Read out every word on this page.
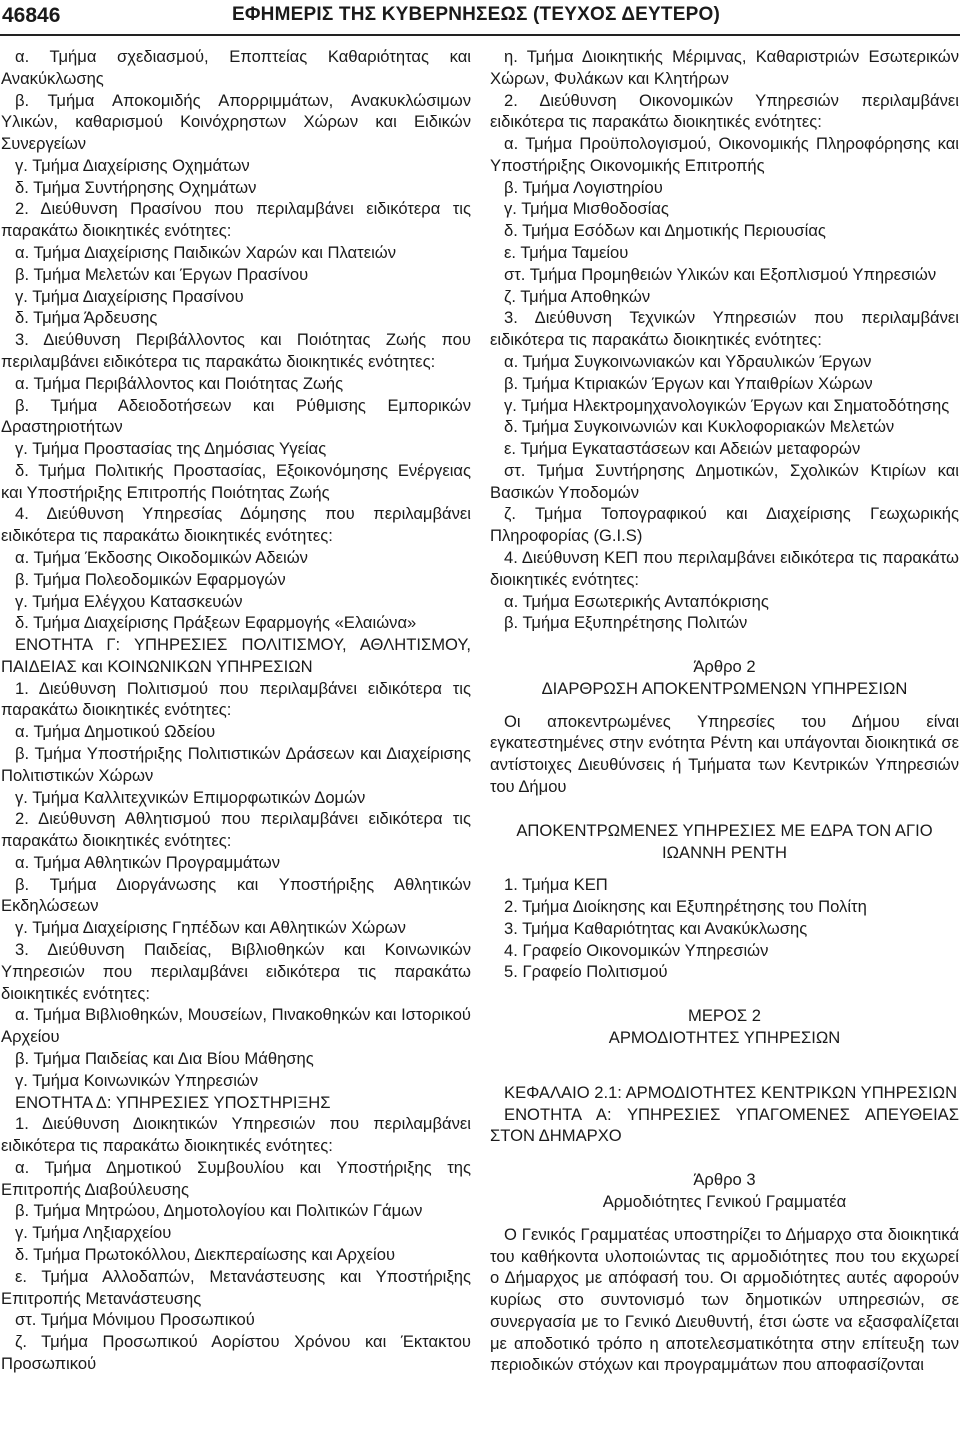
46846	ΕΦΗΜΕΡΙΣ ΤΗΣ ΚΥΒΕΡΝΗΣΕΩΣ (ΤΕΥΧΟΣ ΔΕΥΤΕΡΟ)

α. Τμήμα σχεδιασμού, Εποπτείας Καθαριότητας και Ανακύκλωσης

β. Τμήμα Αποκομιδής Απορριμμάτων, Ανακυκλώσιμων Υλικών, καθαρισμού Κοινόχρηστων Χώρων και Ειδικών Συνεργείων

γ. Τμήμα Διαχείρισης Οχημάτων

δ. Τμήμα Συντήρησης Οχημάτων

2. Διεύθυνση Πρασίνου που περιλαμβάνει ειδικότερα τις παρακάτω διοικητικές ενότητες:

α. Τμήμα Διαχείρισης Παιδικών Χαρών και Πλατειών

β. Τμήμα Μελετών και Έργων Πρασίνου

γ. Τμήμα Διαχείρισης Πρασίνου

δ. Τμήμα Άρδευσης

3. Διεύθυνση Περιβάλλοντος και Ποιότητας Ζωής που περιλαμβάνει ειδικότερα τις παρακάτω διοικητικές ενότητες:

α. Τμήμα Περιβάλλοντος και Ποιότητας Ζωής

β. Τμήμα Αδειοδοτήσεων και Ρύθμισης Εμπορικών Δραστηριοτήτων

γ. Τμήμα Προστασίας της Δημόσιας Υγείας

δ. Τμήμα Πολιτικής Προστασίας, Εξοικονόμησης Ενέργειας και Υποστήριξης Επιτροπής Ποιότητας Ζωής

4. Διεύθυνση Υπηρεσίας Δόμησης που περιλαμβάνει ειδικότερα τις παρακάτω διοικητικές ενότητες:

α. Τμήμα Έκδοσης Οικοδομικών Αδειών

β. Τμήμα Πολεοδομικών Εφαρμογών

γ. Τμήμα Ελέγχου Κατασκευών

δ. Τμήμα Διαχείρισης Πράξεων Εφαρμογής «Ελαιώνα»

ΕΝΟΤΗΤΑ Γ: ΥΠΗΡΕΣΙΕΣ ΠΟΛΙΤΙΣΜΟΥ, ΑΘΛΗΤΙΣΜΟΥ, ΠΑΙΔΕΙΑΣ και ΚΟΙΝΩΝΙΚΩΝ ΥΠΗΡΕΣΙΩΝ

1. Διεύθυνση Πολιτισμού που περιλαμβάνει ειδικότερα τις παρακάτω διοικητικές ενότητες:

α. Τμήμα Δημοτικού Ωδείου

β. Τμήμα Υποστήριξης Πολιτιστικών Δράσεων και Διαχείρισης Πολιτιστικών Χώρων

γ. Τμήμα Καλλιτεχνικών Επιμορφωτικών Δομών

2. Διεύθυνση Αθλητισμού που περιλαμβάνει ειδικότερα τις παρακάτω διοικητικές ενότητες:

α. Τμήμα Αθλητικών Προγραμμάτων

β. Τμήμα Διοργάνωσης και Υποστήριξης Αθλητικών Εκδηλώσεων

γ. Τμήμα Διαχείρισης Γηπέδων και Αθλητικών Χώρων

3. Διεύθυνση Παιδείας, Βιβλιοθηκών και Κοινωνικών Υπηρεσιών που περιλαμβάνει ειδικότερα τις παρακάτω διοικητικές ενότητες:

α. Τμήμα Βιβλιοθηκών, Μουσείων, Πινακοθηκών και Ιστορικού Αρχείου

β. Τμήμα Παιδείας και Δια Βίου Μάθησης

γ. Τμήμα Κοινωνικών Υπηρεσιών

ΕΝΟΤΗΤΑ Δ: ΥΠΗΡΕΣΙΕΣ ΥΠΟΣΤΗΡΙΞΗΣ

1. Διεύθυνση Διοικητικών Υπηρεσιών που περιλαμβάνει ειδικότερα τις παρακάτω διοικητικές ενότητες:

α. Τμήμα Δημοτικού Συμβουλίου και Υποστήριξης της Επιτροπής Διαβούλευσης

β. Τμήμα Μητρώου, Δημοτολογίου και Πολιτικών Γάμων

γ. Τμήμα Ληξιαρχείου

δ. Τμήμα Πρωτοκόλλου, Διεκπεραίωσης και Αρχείου

ε. Τμήμα Αλλοδαπών, Μετανάστευσης και Υποστήριξης Επιτροπής Μετανάστευσης

στ. Τμήμα Μόνιμου Προσωπικού

ζ. Τμήμα Προσωπικού Αορίστου Χρόνου και Έκτακτου Προσωπικού

η. Τμήμα Διοικητικής Μέριμνας, Καθαριστριών Εσωτερικών Χώρων, Φυλάκων και Κλητήρων

2. Διεύθυνση Οικονομικών Υπηρεσιών περιλαμβάνει ειδικότερα τις παρακάτω διοικητικές ενότητες:

α. Τμήμα Προϋπολογισμού, Οικονομικής Πληροφόρησης και Υποστήριξης Οικονομικής Επιτροπής

β. Τμήμα Λογιστηρίου

γ. Τμήμα Μισθοδοσίας

δ. Τμήμα Εσόδων και Δημοτικής Περιουσίας

ε. Τμήμα Ταμείου

στ. Τμήμα Προμηθειών Υλικών και Εξοπλισμού Υπηρεσιών

ζ. Τμήμα Αποθηκών

3. Διεύθυνση Τεχνικών Υπηρεσιών που περιλαμβάνει ειδικότερα τις παρακάτω διοικητικές ενότητες:

α. Τμήμα Συγκοινωνιακών και Υδραυλικών Έργων

β. Τμήμα Κτιριακών Έργων και Υπαιθρίων Χώρων

γ. Τμήμα Ηλεκτρομηχανολογικών Έργων και Σηματοδότησης

δ. Τμήμα Συγκοινωνιών και Κυκλοφοριακών Μελετών

ε. Τμήμα Εγκαταστάσεων και Αδειών μεταφορών

στ. Τμήμα Συντήρησης Δημοτικών, Σχολικών Κτιρίων και Βασικών Υποδομών

ζ. Τμήμα Τοπογραφικού και Διαχείρισης Γεωχωρικής Πληροφορίας (G.I.S)

4. Διεύθυνση ΚΕΠ που περιλαμβάνει ειδικότερα τις παρακάτω διοικητικές ενότητες:

α. Τμήμα Εσωτερικής Ανταπόκρισης

β. Τμήμα Εξυπηρέτησης Πολιτών

Άρθρο 2

ΔΙΑΡΘΡΩΣΗ ΑΠΟΚΕΝΤΡΩΜΕΝΩΝ ΥΠΗΡΕΣΙΩΝ

Οι αποκεντρωμένες Υπηρεσίες του Δήμου είναι εγκατεστημένες στην ενότητα Ρέντη και υπάγονται διοικητικά σε αντίστοιχες Διευθύνσεις ή Τμήματα των Κεντρικών Υπηρεσιών του Δήμου

ΑΠΟΚΕΝΤΡΩΜΕΝΕΣ ΥΠΗΡΕΣΙΕΣ ΜΕ ΕΔΡΑ ΤΟΝ ΑΓΙΟ ΙΩΑΝΝΗ ΡΕΝΤΗ

1. Τμήμα ΚΕΠ

2. Τμήμα Διοίκησης και Εξυπηρέτησης του Πολίτη

3. Τμήμα Καθαριότητας και Ανακύκλωσης

4. Γραφείο Οικονομικών Υπηρεσιών

5. Γραφείο Πολιτισμού

ΜΕΡΟΣ 2

ΑΡΜΟΔΙΟΤΗΤΕΣ ΥΠΗΡΕΣΙΩΝ

ΚΕΦΑΛΑΙΟ 2.1: ΑΡΜΟΔΙΟΤΗΤΕΣ ΚΕΝΤΡΙΚΩΝ ΥΠΗΡΕΣΙΩΝ

ΕΝΟΤΗΤΑ Α: ΥΠΗΡΕΣΙΕΣ ΥΠΑΓΟΜΕΝΕΣ ΑΠΕΥΘΕΙΑΣ ΣΤΟΝ ΔΗΜΑΡΧΟ

Άρθρο 3

Αρμοδιότητες Γενικού Γραμματέα

Ο Γενικός Γραμματέας υποστηρίζει το Δήμαρχο στα διοικητικά του καθήκοντα υλοποιώντας τις αρμοδιότητες που του εκχωρεί ο Δήμαρχος με απόφασή του. Οι αρμοδιότητες αυτές αφορούν κυρίως στο συντονισμό των δημοτικών υπηρεσιών, σε συνεργασία με το Γενικό Διευθυντή, έτσι ώστε να εξασφαλίζεται με αποδοτικό τρόπο η αποτελεσματικότητα στην επίτευξη των περιοδικών στόχων και προγραμμάτων που αποφασίζονται
